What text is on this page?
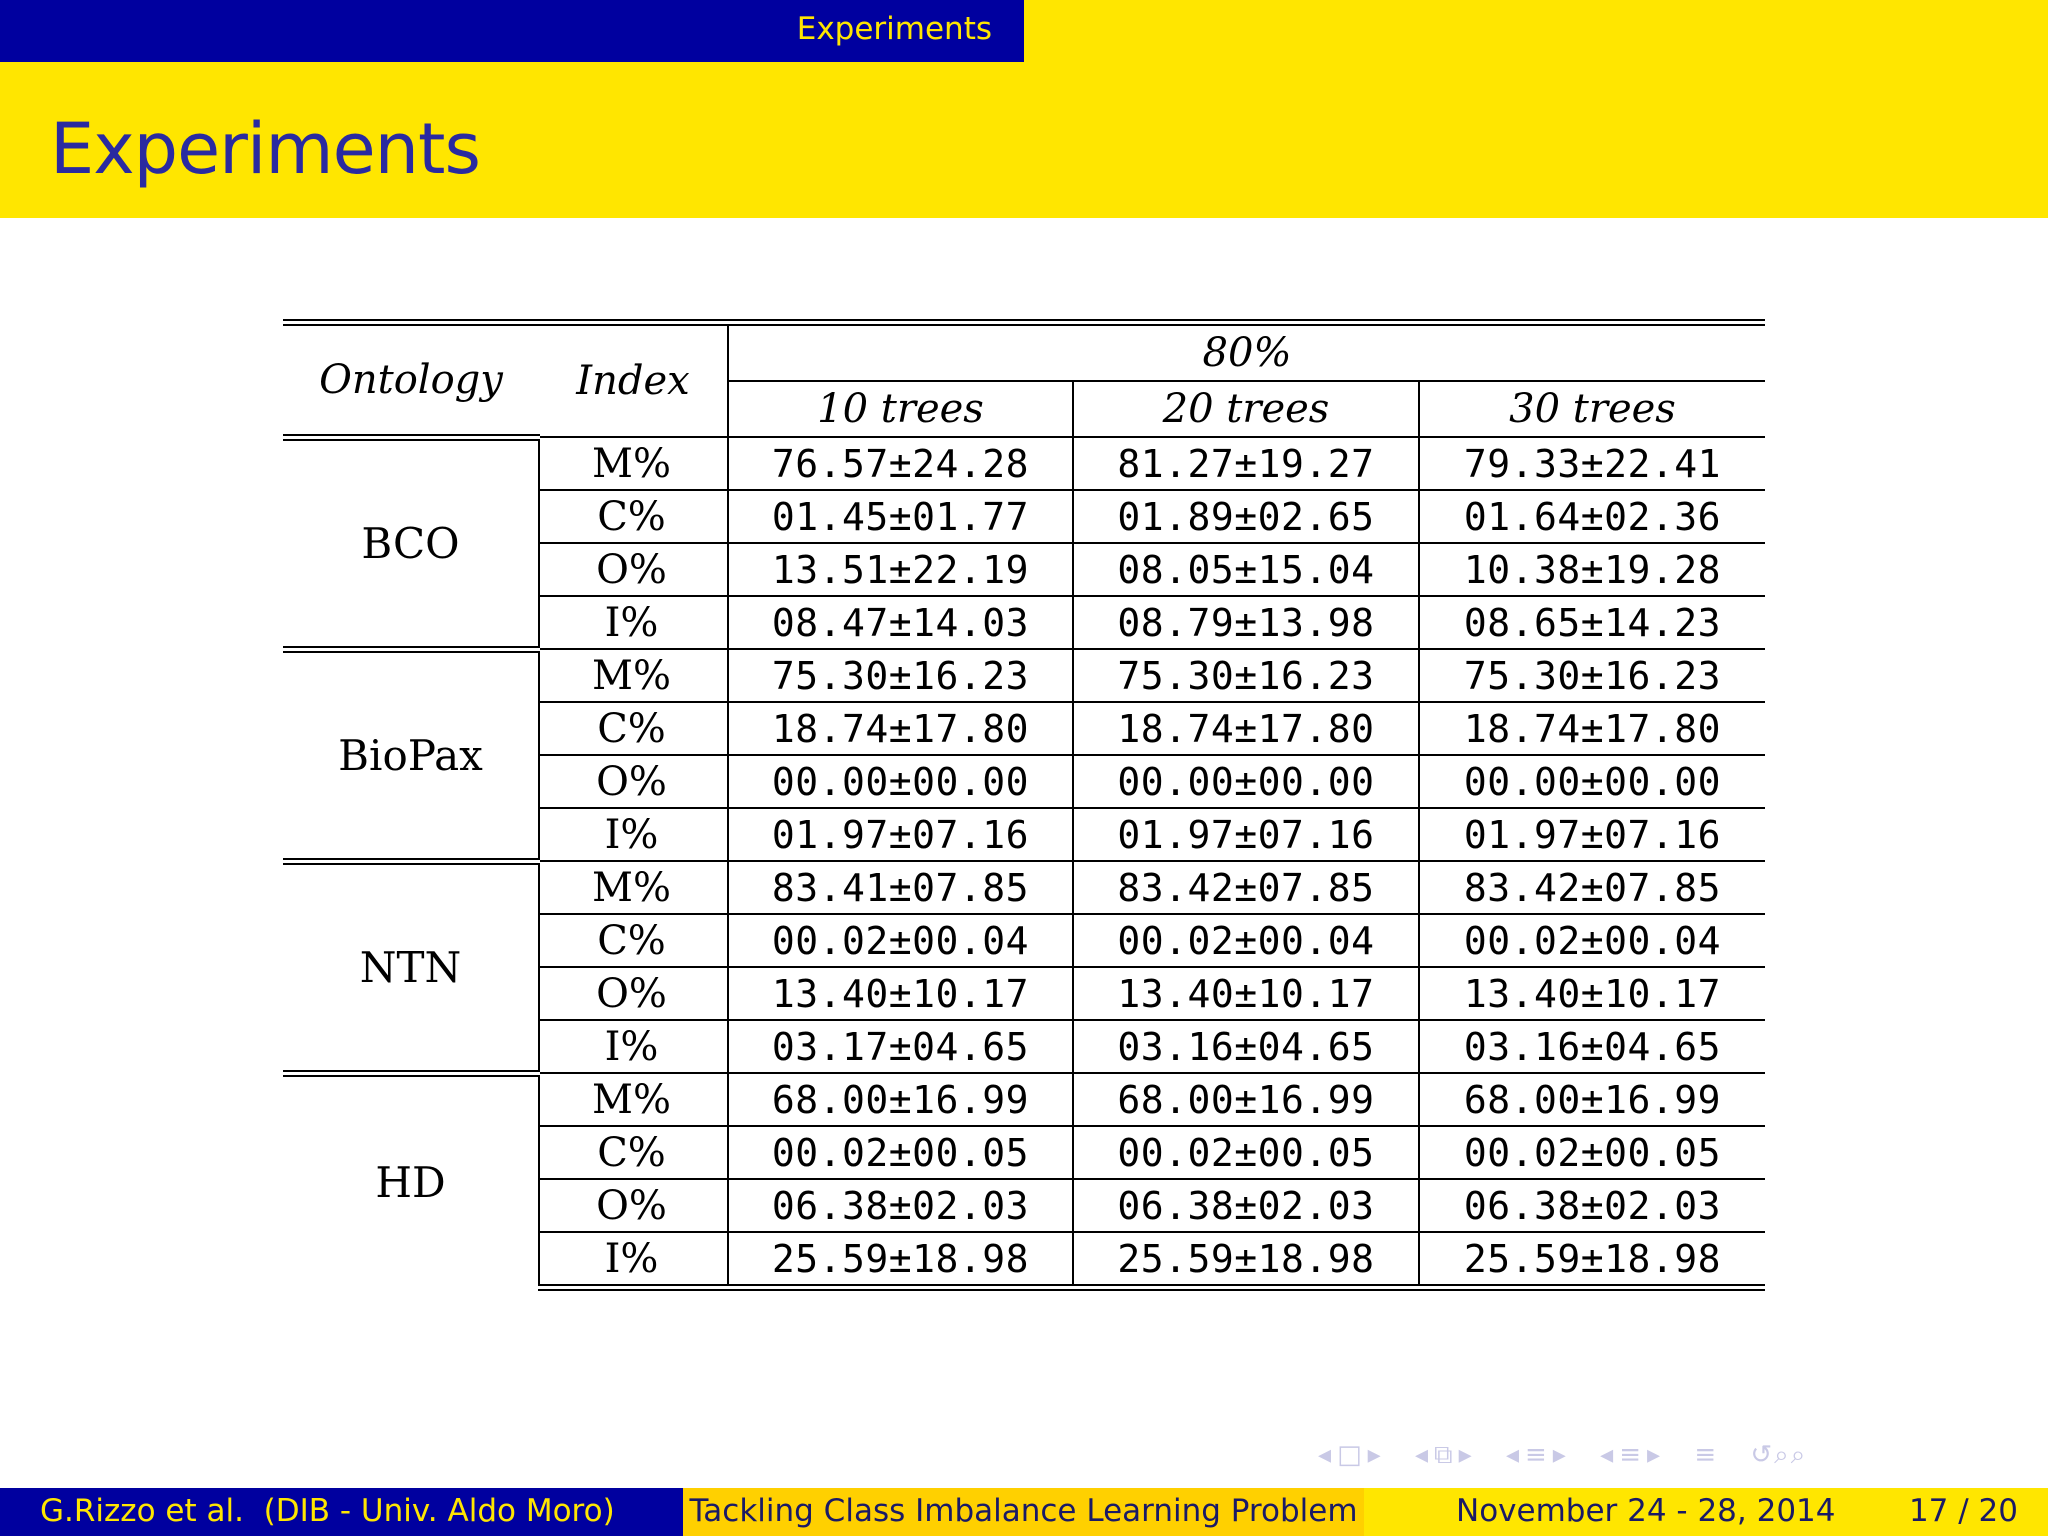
Experiments
Experiments
Ontology	Index	80%		
		10 trees	20 trees	30 trees
BCO	M%	76.57±24.28	81.27±19.27	79.33±22.41
	C%	01.45±01.77	01.89±02.65	01.64±02.36
	O%	13.51±22.19	08.05±15.04	10.38±19.28
	I%	08.47±14.03	08.79±13.98	08.65±14.23
BioPax	M%	75.30±16.23	75.30±16.23	75.30±16.23
	C%	18.74±17.80	18.74±17.80	18.74±17.80
	O%	00.00±00.00	00.00±00.00	00.00±00.00
	I%	01.97±07.16	01.97±07.16	01.97±07.16
NTN	M%	83.41±07.85	83.42±07.85	83.42±07.85
	C%	00.02±00.04	00.02±00.04	00.02±00.04
	O%	13.40±10.17	13.40±10.17	13.40±10.17
	I%	03.17±04.65	03.16±04.65	03.16±04.65
HD	M%	68.00±16.99	68.00±16.99	68.00±16.99
	C%	00.02±00.05	00.02±00.05	00.02±00.05
	O%	06.38±02.03	06.38±02.03	06.38±02.03
	I%	25.59±18.98	25.59±18.98	25.59±18.98
◂ □ ▸ ◂ ⧉ ▸ ◂ ≡ ▸ ◂ ≡ ▸ ≡ ↺⌕⌕
G.Rizzo et al.  (DIB - Univ. Aldo Moro)	Tackling Class Imbalance Learning Problem	November 24 - 28, 2014 17 / 20
